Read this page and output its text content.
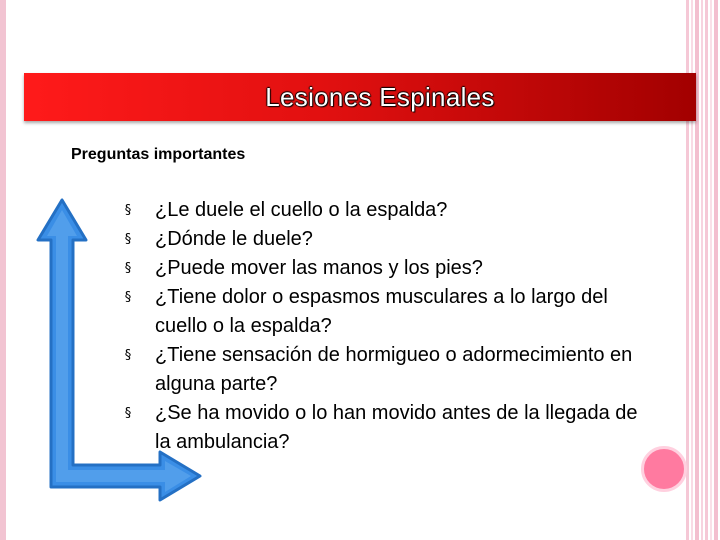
Lesiones Espinales
Preguntas importantes
§ ¿Le duele el cuello o la espalda?
§ ¿Dónde le duele?
§ ¿Puede mover las manos y los pies?
§ ¿Tiene dolor o espasmos musculares a lo largo del cuello o la espalda?
§ ¿Tiene sensación de hormigueo o adormecimiento en alguna parte?
§ ¿Se ha movido o lo han movido antes de la llegada de la ambulancia?
